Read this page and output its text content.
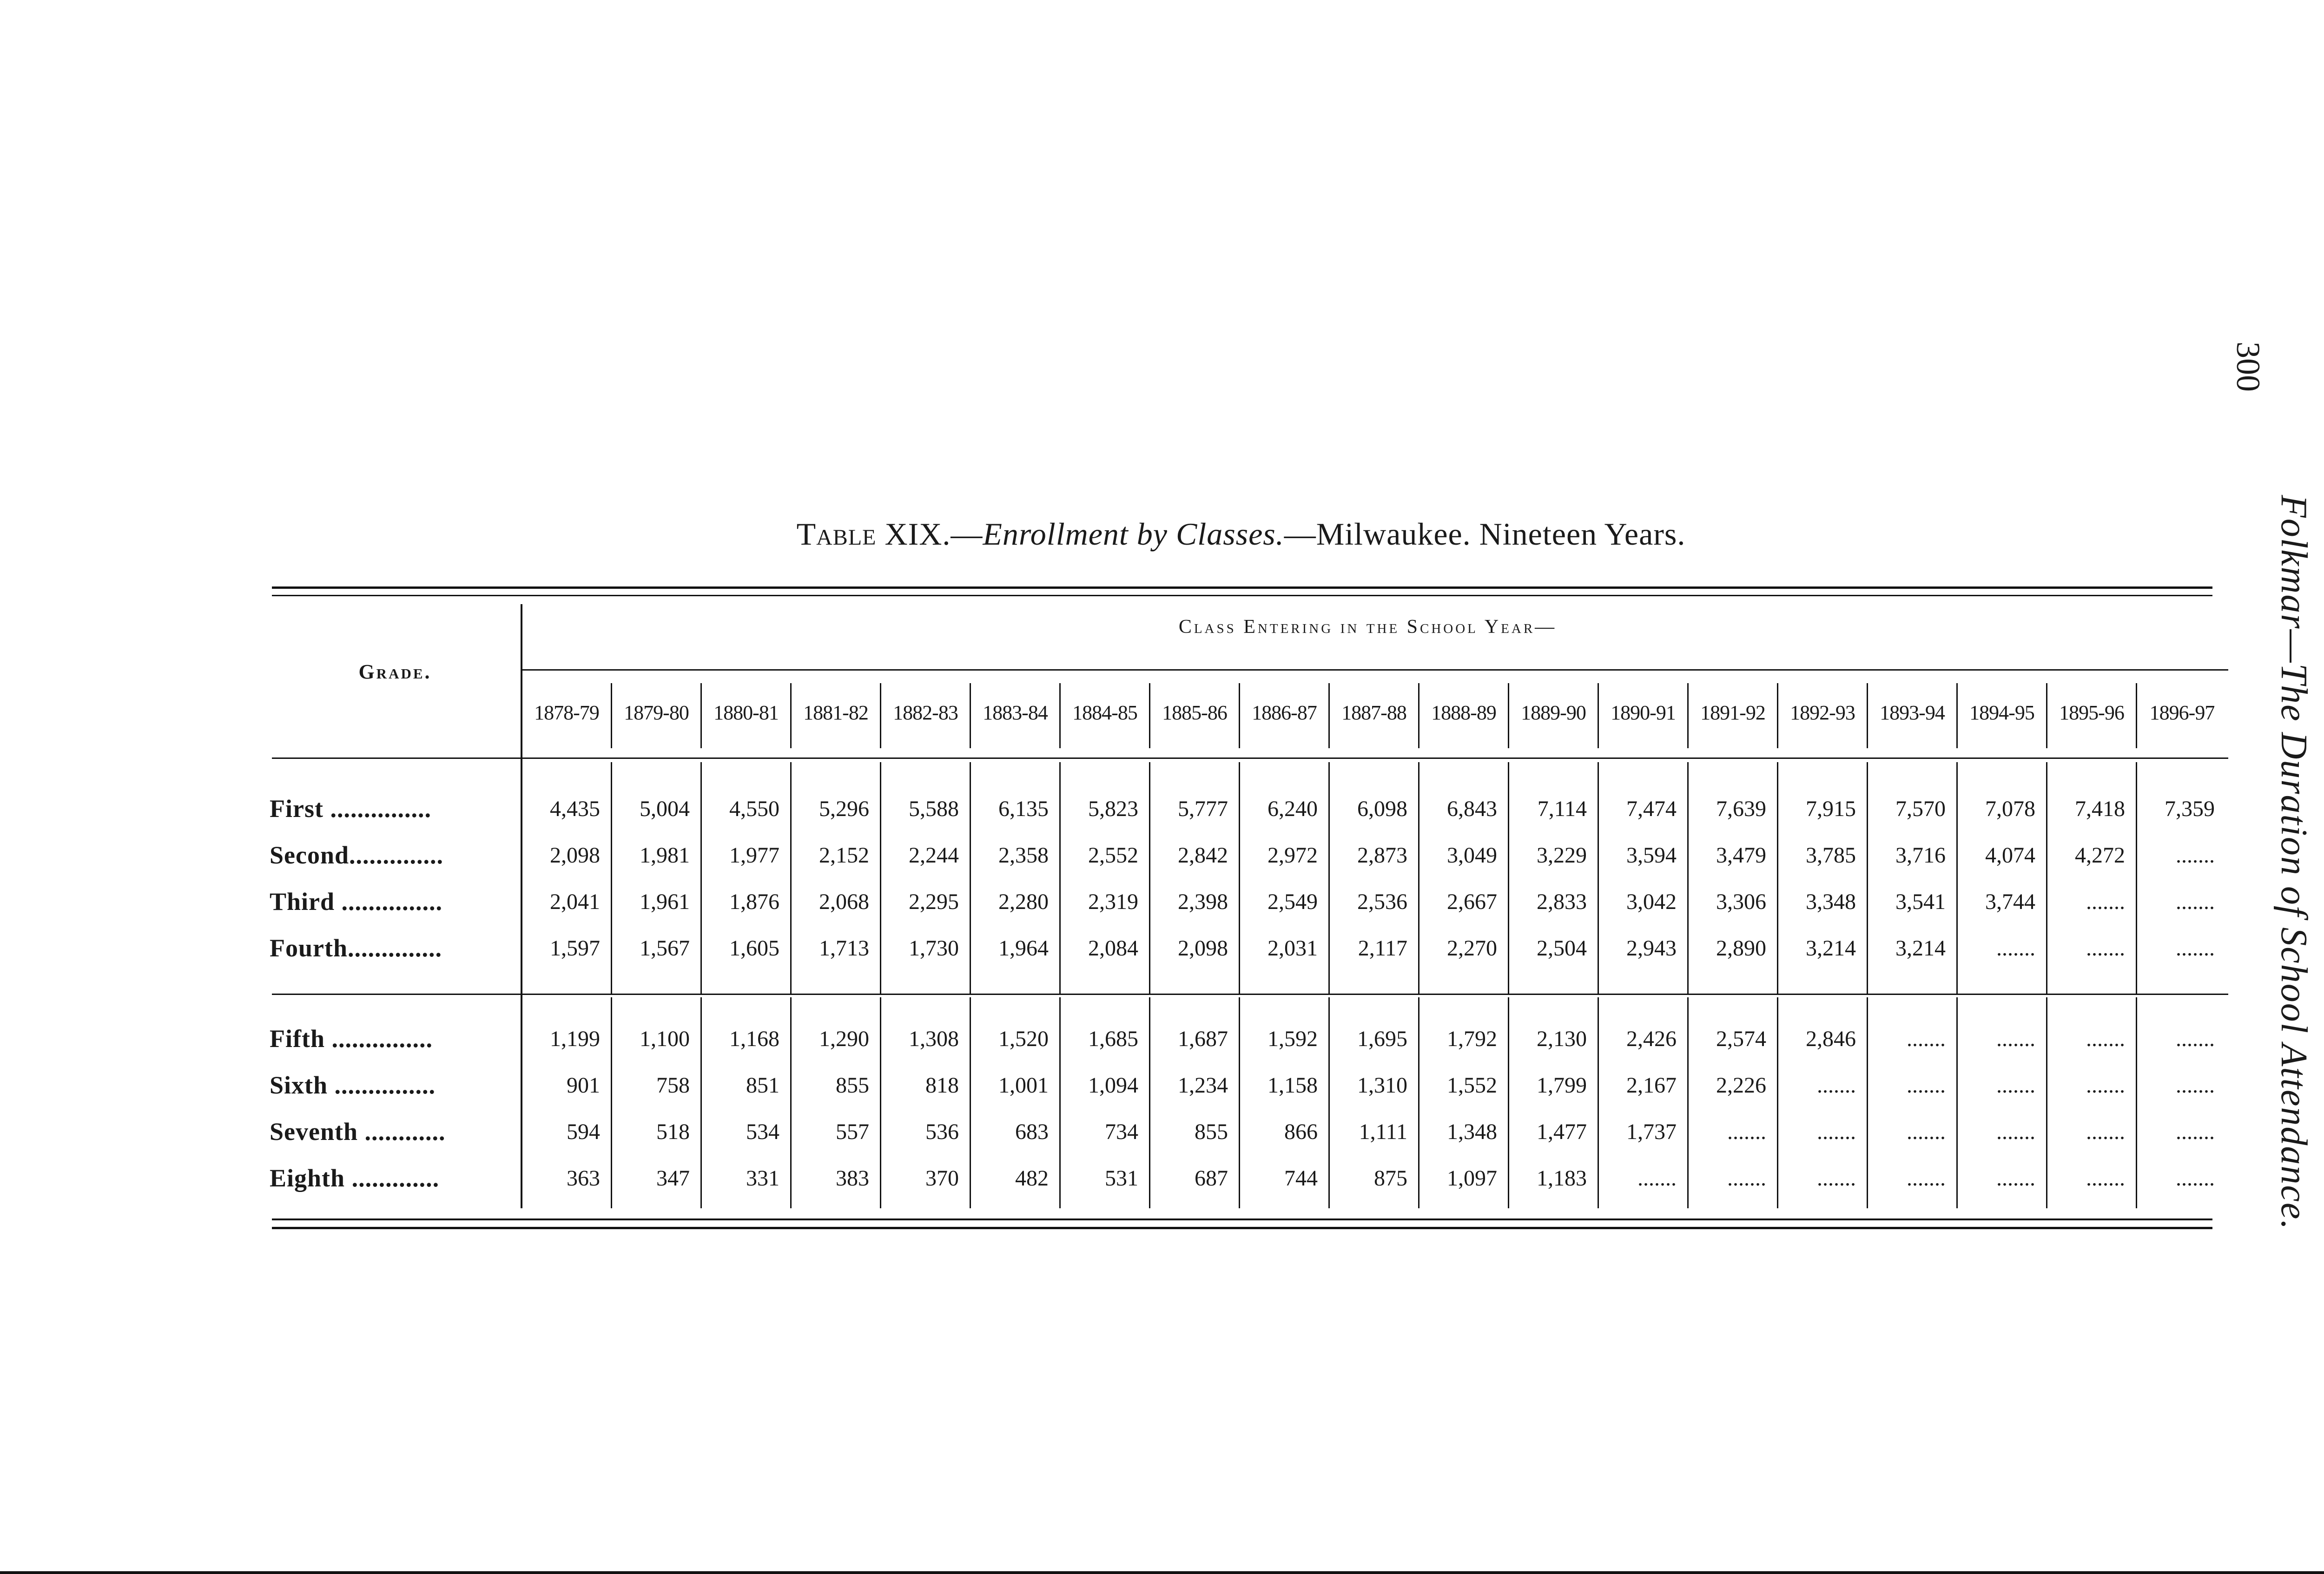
Table XIX.—Enrollment by Classes.—Milwaukee. Nineteen Years.
Grade.
Class Entering in the School Year—
1878-79	1879-80	1880-81	1881-82	1882-83	1883-84	1884-85	1885-86	1886-87	1887-88	1888-89	1889-90	1890-91	1891-92	1892-93	1893-94	1894-95	1895-96	1896-97
First ...............	4,435	5,004	4,550	5,296	5,588	6,135	5,823	5,777	6,240	6,098	6,843	7,114	7,474	7,639	7,915	7,570	7,078	7,418	7,359
Second..............	2,098	1,981	1,977	2,152	2,244	2,358	2,552	2,842	2,972	2,873	3,049	3,229	3,594	3,479	3,785	3,716	4,074	4,272	.......
Third ...............	2,041	1,961	1,876	2,068	2,295	2,280	2,319	2,398	2,549	2,536	2,667	2,833	3,042	3,306	3,348	3,541	3,744	.......	.......
Fourth..............	1,597	1,567	1,605	1,713	1,730	1,964	2,084	2,098	2,031	2,117	2,270	2,504	2,943	2,890	3,214	3,214	.......	.......	.......
Fifth ...............	1,199	1,100	1,168	1,290	1,308	1,520	1,685	1,687	1,592	1,695	1,792	2,130	2,426	2,574	2,846	.......	.......	.......	.......
Sixth ...............	901	758	851	855	818	1,001	1,094	1,234	1,158	1,310	1,552	1,799	2,167	2,226	.......	.......	.......	.......	.......
Seventh ............	594	518	534	557	536	683	734	855	866	1,111	1,348	1,477	1,737	.......	.......	.......	.......	.......	.......
Eighth .............	363	347	331	383	370	482	531	687	744	875	1,097	1,183	.......	.......	.......	.......	.......	.......	.......
300
Folkmar—The Duration of School Attendance.
